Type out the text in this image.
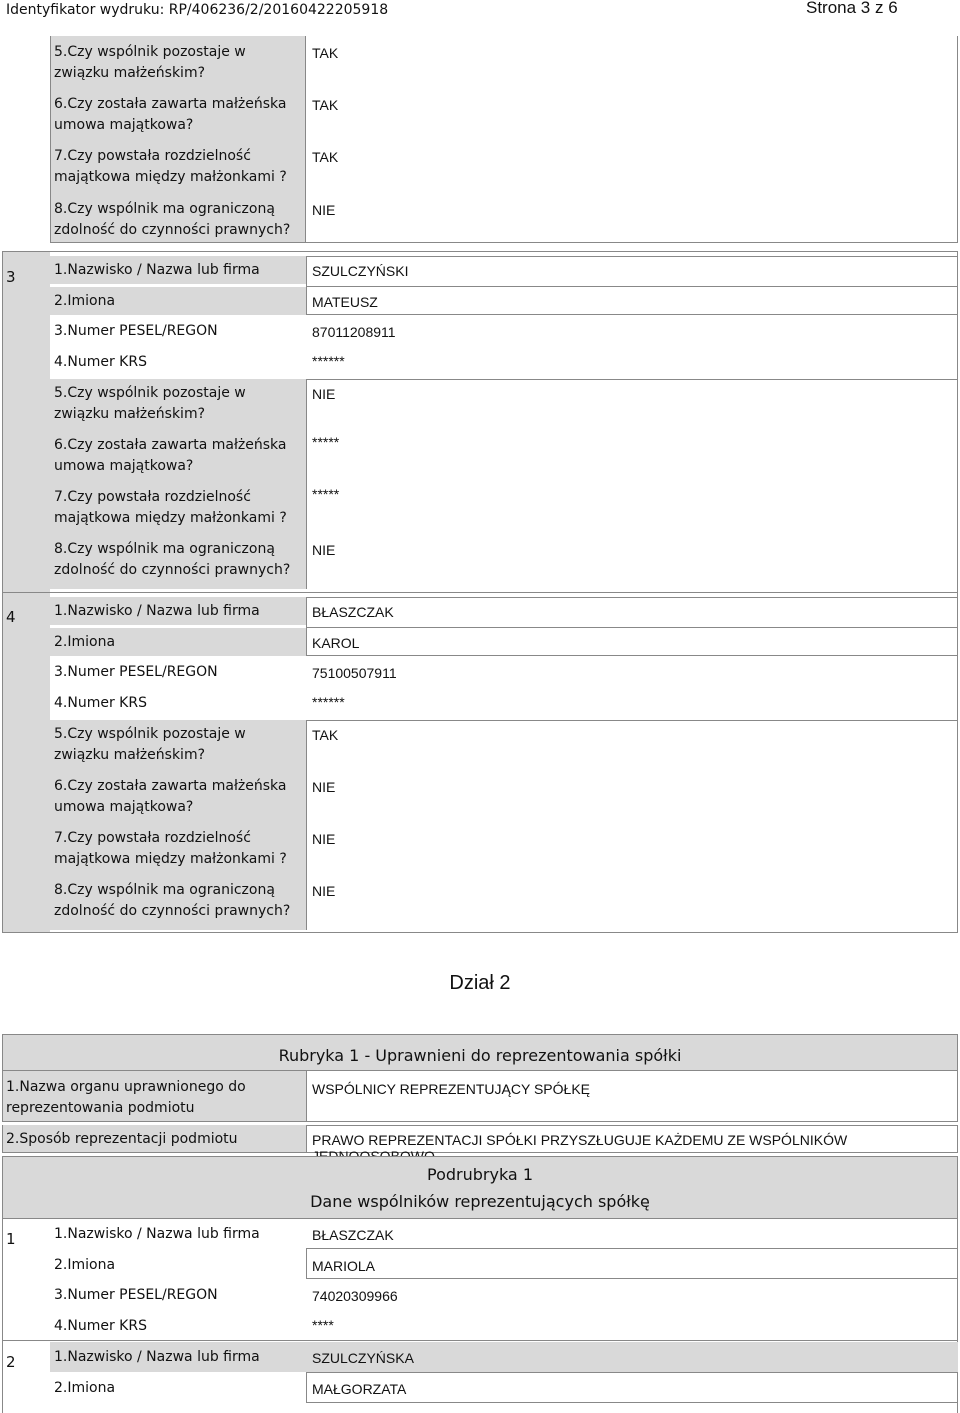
Identyfikator wydruku: RP/406236/2/20160422205918	Strona 3 z 6
5.Czy wspólnik pozostaje w związku małżeńskim?
TAK
6.Czy została zawarta małżeńska umowa majątkowa?
TAK
7.Czy powstała rozdzielność majątkowa między małżonkami ?
TAK
8.Czy wspólnik ma ograniczoną zdolność do czynności prawnych?
NIE
3	1.Nazwisko / Nazwa lub firma	SZULCZYŃSKI
2.Imiona	MATEUSZ
3.Numer PESEL/REGON	87011208911
4.Numer KRS	******
5.Czy wspólnik pozostaje w związku małżeńskim?
NIE
6.Czy została zawarta małżeńska umowa majątkowa?
*****
7.Czy powstała rozdzielność majątkowa między małżonkami ?
*****
8.Czy wspólnik ma ograniczoną zdolność do czynności prawnych?
NIE
4	1.Nazwisko / Nazwa lub firma	BŁASZCZAK
2.Imiona	KAROL
3.Numer PESEL/REGON	75100507911
4.Numer KRS	******
5.Czy wspólnik pozostaje w związku małżeńskim?
TAK
6.Czy została zawarta małżeńska umowa majątkowa?
NIE
7.Czy powstała rozdzielność majątkowa między małżonkami ?
NIE
8.Czy wspólnik ma ograniczoną zdolność do czynności prawnych?
NIE
Dział 2
Rubryka 1 - Uprawnieni do reprezentowania spółki
1.Nazwa organu uprawnionego do reprezentowania podmiotu
WSPÓLNICY REPREZENTUJĄCY SPÓŁKĘ
2.Sposób reprezentacji podmiotu	PRAWO REPREZENTACJI SPÓŁKI PRZYSZŁUGUJE KAŻDEMU ZE WSPÓLNIKÓW
Podrubryka 1
Dane wspólników reprezentujących spółkę
1	1.Nazwisko / Nazwa lub firma	BŁASZCZAK
2.Imiona	MARIOLA
3.Numer PESEL/REGON	74020309966
4.Numer KRS	****
2	1.Nazwisko / Nazwa lub firma	SZULCZYŃSKA
2.Imiona	MAŁGORZATA
